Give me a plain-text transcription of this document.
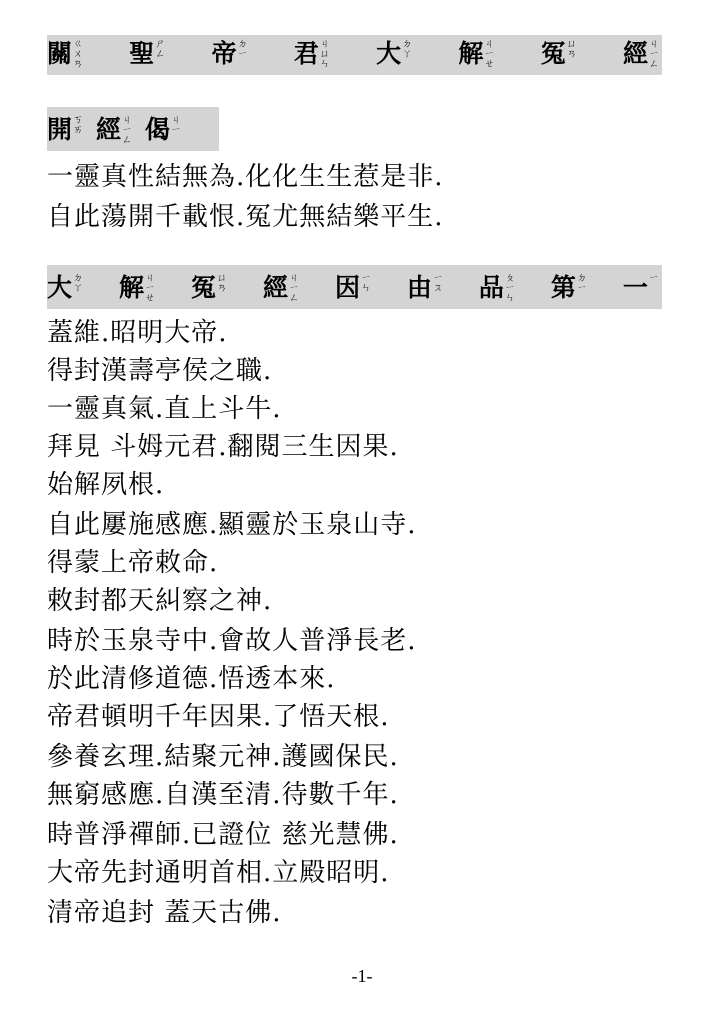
關 ㄍ
ㄨ
ㄢ 聖 ㄕ
ㄥ 帝 ㄉ
ㄧ 君 ㄐ
ㄩ
ㄣ 大 ㄉ
ㄚ 解 ㄐ
ㄧ
ㄝ 冤 ㄩ
ㄢ 經 ㄐ
ㄧ
ㄥ
開 ㄎ
ㄞ 經 ㄐ
ㄧ
ㄥ 偈 ㄐ
ㄧ
大 ㄉ
ㄚ 解 ㄐ
ㄧ
ㄝ 冤 ㄩ
ㄢ 經 ㄐ
ㄧ
ㄥ 因 ㄧ
ㄣ 由 ㄧ
ㄡ 品 ㄆ
ㄧ
ㄣ 第 ㄉ
ㄧ 一 ㄧ
一靈真性結無為.化化生生惹是非.
自此蕩開千載恨.冤尤無結樂平生.
蓋維.昭明大帝.
得封漢壽亭侯之職.
一靈真氣.直上斗牛.
拜見 斗姆元君.翻閱三生因果.
始解夙根.
自此屢施感應.顯靈於玉泉山寺.
得蒙上帝敕命.
敕封都天糾察之神.
時於玉泉寺中.會故人普淨長老.
於此清修道德.悟透本來.
帝君頓明千年因果.了悟天根.
參養玄理.結聚元神.護國保民.
無窮感應.自漢至清.待數千年.
時普淨禪師.已證位 慈光慧佛.
大帝先封通明首相.立殿昭明.
清帝追封 蓋天古佛.
-1-
